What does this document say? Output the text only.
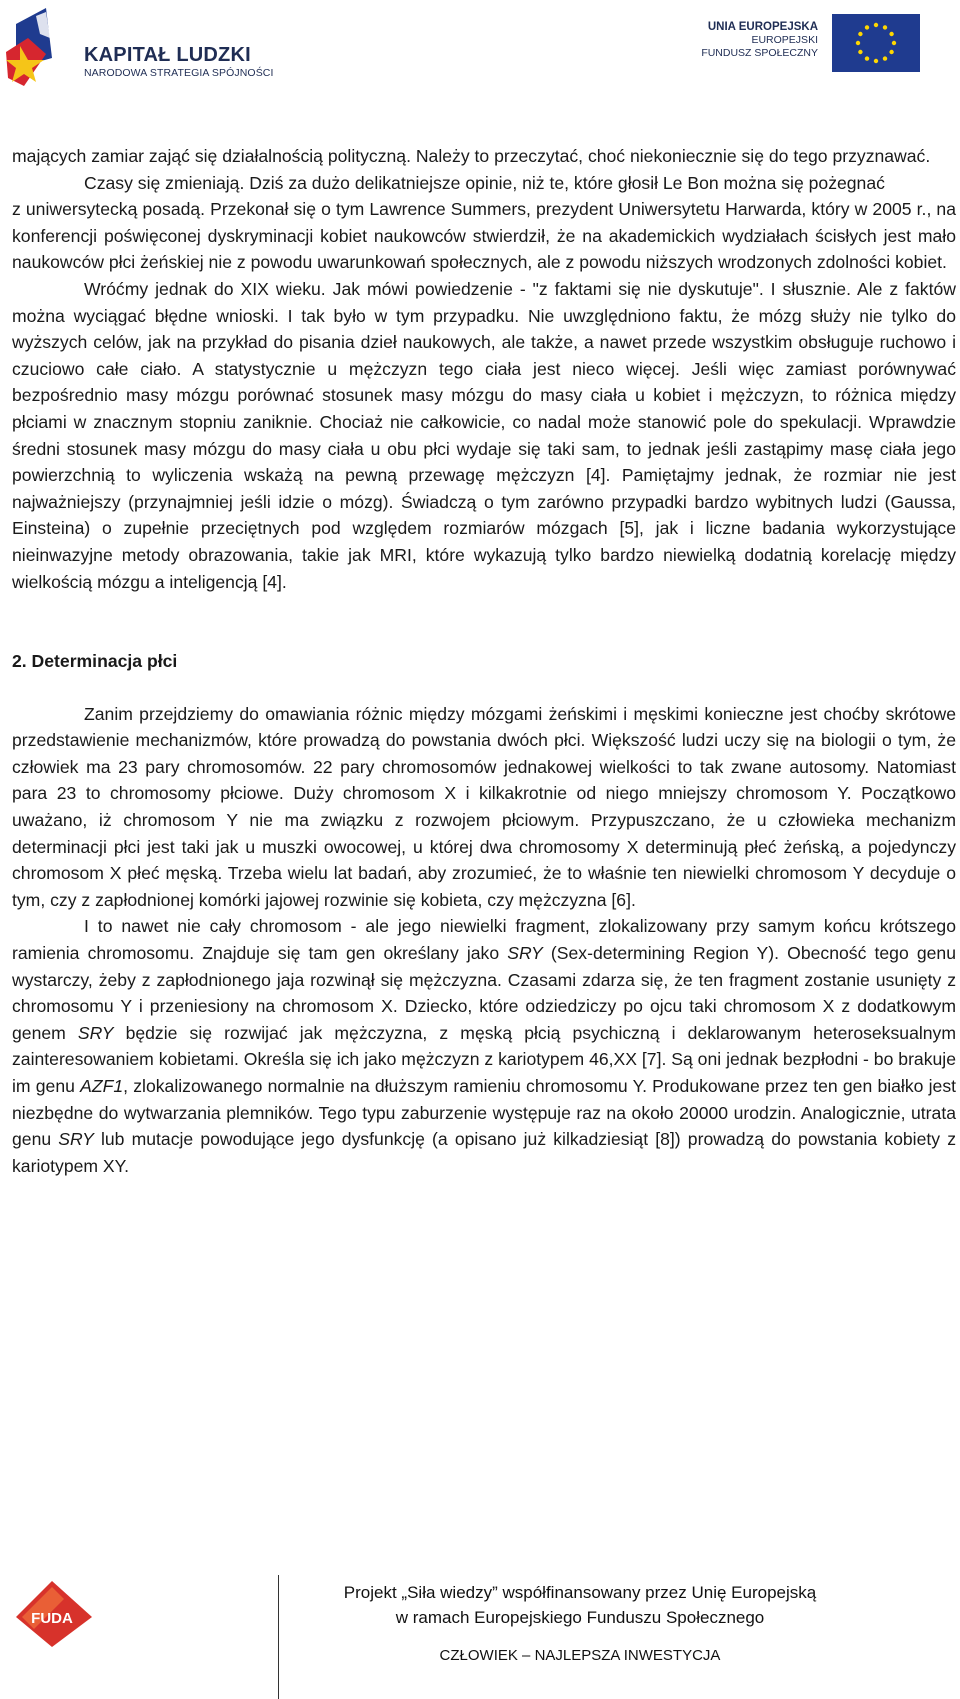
KAPITAŁ LUDZKI
NARODOWA STRATEGIA SPÓJNOŚCI
UNIA EUROPEJSKA
EUROPEJSKI
FUNDUSZ SPOŁECZNY

mających zamiar zająć się działalnością polityczną. Należy to przeczytać, choć niekoniecznie się do tego przyznawać.

Czasy się zmieniają. Dziś za dużo delikatniejsze opinie, niż te, które głosił Le Bon można się pożegnać

z uniwersytecką posadą. Przekonał się o tym Lawrence Summers, prezydent Uniwersytetu Harwarda, który w 2005 r., na konferencji poświęconej dyskryminacji kobiet naukowców stwierdził, że na akademickich wydziałach ścisłych jest mało naukowców płci żeńskiej nie z powodu uwarunkowań społecznych, ale z powodu niższych wrodzonych zdolności kobiet.

Wróćmy jednak do XIX wieku. Jak mówi powiedzenie - "z faktami się nie dyskutuje". I słusznie. Ale z faktów można wyciągać błędne wnioski. I tak było w tym przypadku. Nie uwzględniono faktu, że mózg służy nie tylko do wyższych celów, jak na przykład do pisania dzieł naukowych, ale także, a nawet przede wszystkim obsługuje ruchowo i czuciowo całe ciało. A statystycznie u mężczyzn tego ciała jest nieco więcej. Jeśli więc zamiast porównywać bezpośrednio masy mózgu porównać stosunek masy mózgu do masy ciała u kobiet i mężczyzn, to różnica między płciami w znacznym stopniu zaniknie. Chociaż nie całkowicie, co nadal może stanowić pole do spekulacji. Wprawdzie średni stosunek masy mózgu do masy ciała u obu płci wydaje się taki sam, to jednak jeśli zastąpimy masę ciała jego powierzchnią to wyliczenia wskażą na pewną przewagę mężczyzn [4]. Pamiętajmy jednak, że rozmiar nie jest najważniejszy (przynajmniej jeśli idzie o mózg). Świadczą o tym zarówno przypadki bardzo wybitnych ludzi (Gaussa, Einsteina) o zupełnie przeciętnych pod względem rozmiarów mózgach [5], jak i liczne badania wykorzystujące nieinwazyjne metody obrazowania, takie jak MRI, które wykazują tylko bardzo niewielką dodatnią korelację między wielkością mózgu a inteligencją [4].

2. Determinacja płci

Zanim przejdziemy do omawiania różnic między mózgami żeńskimi i męskimi konieczne jest choćby skrótowe przedstawienie mechanizmów, które prowadzą do powstania dwóch płci. Większość ludzi uczy się na biologii o tym, że człowiek ma 23 pary chromosomów. 22 pary chromosomów jednakowej wielkości to tak zwane autosomy. Natomiast para 23 to chromosomy płciowe. Duży chromosom X i kilkakrotnie od niego mniejszy chromosom Y. Początkowo uważano, iż chromosom Y nie ma związku z rozwojem płciowym. Przypuszczano, że u człowieka mechanizm determinacji płci jest taki jak u muszki owocowej, u której dwa chromosomy X determinują płeć żeńską, a pojedynczy chromosom X płeć męską. Trzeba wielu lat badań, aby zrozumieć, że to właśnie ten niewielki chromosom Y decyduje o tym, czy z zapłodnionej komórki jajowej rozwinie się kobieta, czy mężczyzna [6].

I to nawet nie cały chromosom - ale jego niewielki fragment, zlokalizowany przy samym końcu krótszego ramienia chromosomu. Znajduje się tam gen określany jako SRY (Sex-determining Region Y). Obecność tego genu wystarczy, żeby z zapłodnionego jaja rozwinął się mężczyzna. Czasami zdarza się, że ten fragment zostanie usunięty z chromosomu Y i przeniesiony na chromosom X. Dziecko, które odziedziczy po ojcu taki chromosom X z dodatkowym genem SRY będzie się rozwijać jak mężczyzna, z męską płcią psychiczną i deklarowanym heteroseksualnym zainteresowaniem kobietami. Określa się ich jako mężczyzn z kariotypem 46,XX [7]. Są oni jednak bezpłodni - bo brakuje im genu AZF1, zlokalizowanego normalnie na dłuższym ramieniu chromosomu Y. Produkowane przez ten gen białko jest niezbędne do wytwarzania plemników. Tego typu zaburzenie występuje raz na około 20000 urodzin. Analogicznie, utrata genu SRY lub mutacje powodujące jego dysfunkcję (a opisano już kilkadziesiąt [8]) prowadzą do powstania kobiety z kariotypem XY.

FUDA
Projekt „Siła wiedzy” współfinansowany przez Unię Europejską
w ramach Europejskiego Funduszu Społecznego
CZŁOWIEK – NAJLEPSZA INWESTYCJA
